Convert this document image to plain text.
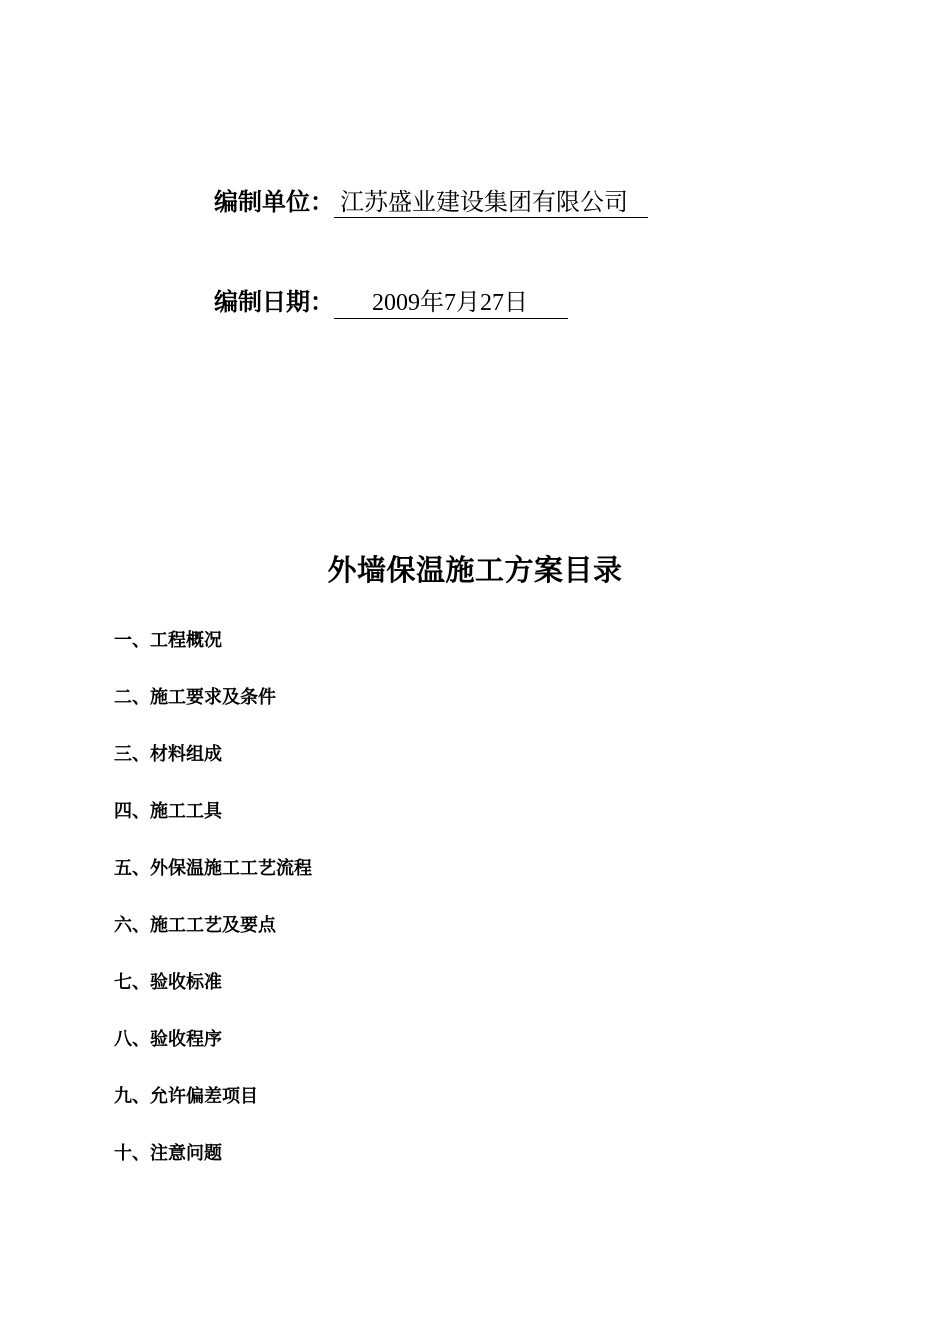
编制单位： 江苏盛业建设集团有限公司
编制日期：	2009年7月27日
外墙保温施工方案目录
一、工程概况
二、施工要求及条件
三、材料组成
四、施工工具
五、外保温施工工艺流程
六、施工工艺及要点
七、验收标准
八、验收程序
九、允许偏差项目
十、注意问题
